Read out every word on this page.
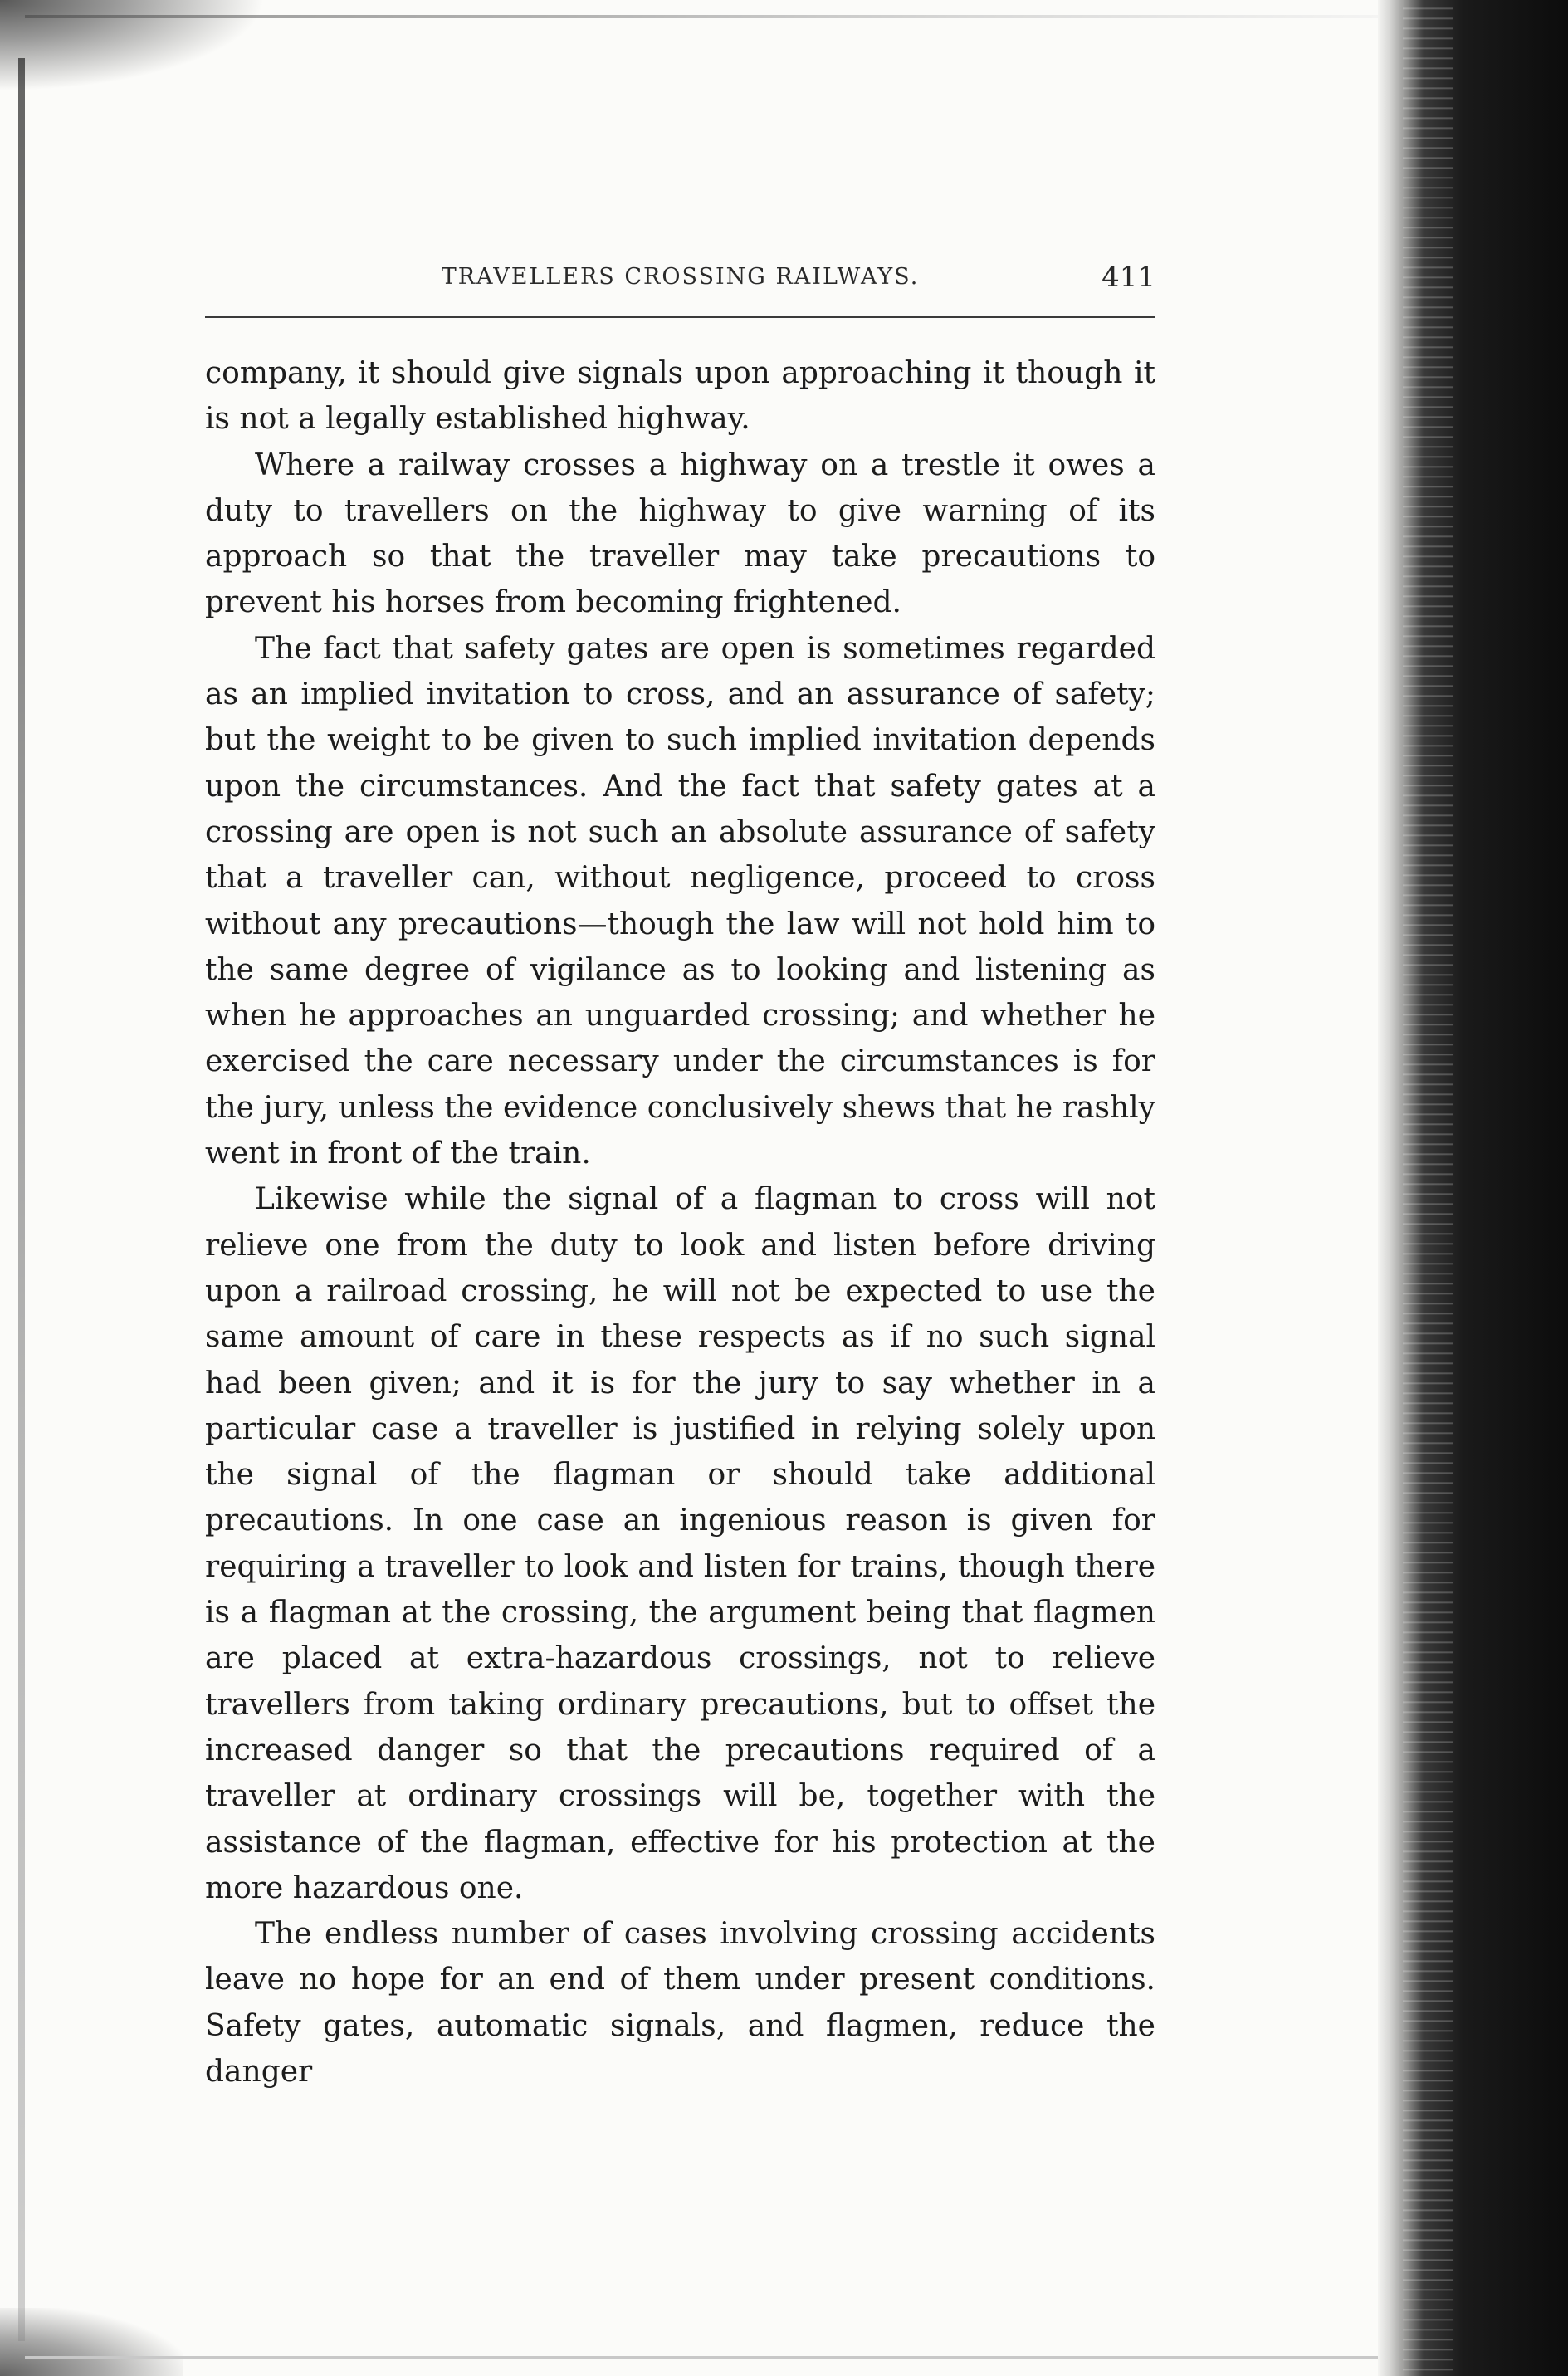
TRAVELLERS CROSSING RAILWAYS.	411

company, it should give signals upon approaching it though it is not a legally established highway.

Where a railway crosses a highway on a trestle it owes a duty to travellers on the highway to give warning of its approach so that the traveller may take precautions to prevent his horses from becoming frightened.

The fact that safety gates are open is sometimes regarded as an implied invitation to cross, and an assurance of safety; but the weight to be given to such implied invitation depends upon the circumstances. And the fact that safety gates at a crossing are open is not such an absolute assurance of safety that a traveller can, without negligence, proceed to cross without any precautions—though the law will not hold him to the same degree of vigilance as to looking and listening as when he approaches an unguarded crossing; and whether he exercised the care necessary under the circumstances is for the jury, unless the evidence conclusively shews that he rashly went in front of the train.

Likewise while the signal of a flagman to cross will not relieve one from the duty to look and listen before driving upon a railroad crossing, he will not be expected to use the same amount of care in these respects as if no such signal had been given; and it is for the jury to say whether in a particular case a traveller is justified in relying solely upon the signal of the flagman or should take additional precautions. In one case an ingenious reason is given for requiring a traveller to look and listen for trains, though there is a flagman at the crossing, the argument being that flagmen are placed at extra-hazardous crossings, not to relieve travellers from taking ordinary precautions, but to offset the increased danger so that the precautions required of a traveller at ordinary crossings will be, together with the assistance of the flagman, effective for his protection at the more hazardous one.

The endless number of cases involving crossing accidents leave no hope for an end of them under present conditions. Safety gates, automatic signals, and flagmen, reduce the danger
